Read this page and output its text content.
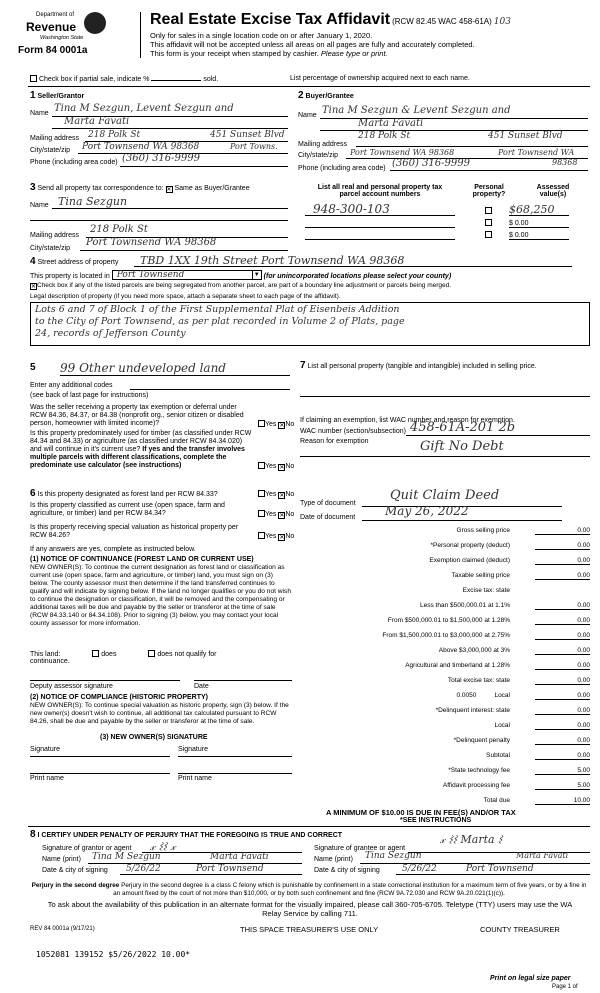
Department of
Revenue
Washington State
Form 84 0001a
Real Estate Excise Tax Affidavit (RCW 82.45 WAC 458-61A) 103
Only for sales in a single location code on or after January 1, 2020.
This affidavit will not be accepted unless all areas on all pages are fully and accurately completed.
This form is your receipt when stamped by cashier. Please type or print.
Check box if partial sale, indicate %	sold.	List percentage of ownership acquired next to each name.
1 Seller/Grantor
Name Tina M Sezgun, Levent Sezgun and
Marta Favati
Mailing address 218 Polk St	451 Sunset Blvd
City/state/zip Port Townsend WA 98368	Port Towns.
Phone (including area code) (360) 316-9999
2 Buyer/Grantee
Name Tina M Sezgun & Levent Sezgun and
Marta Favati
Mailing address
218 Polk St	451 Sunset Blvd
City/state/zip Port Townsend WA 98368	Port Townsend WA
Phone (including area code) (360) 316-9999	98368
3 Send all property tax correspondence to: ✕ Same as Buyer/Grantee
Name Tina Sezgun
Mailing address
218 Polk St
City/state/zip
Port Townsend WA 98368
List all real and personal property tax
parcel account numbers
Personal
property?
Assessed
value(s)
948-300-103	$68,250
$ 0.00
$ 0.00
4 Street address of property	TBD 1XX 19th Street Port Townsend WA 98368
This property is located in Port Townsend	▼ (for unincorporated locations please select your county)
✕Check box if any of the listed parcels are being segregated from another parcel, are part of a boundary line adjustment or parcels being merged.
Legal description of property (if you need more space, attach a separate sheet to each page of the affidavit).
Lots 6 and 7 of Block 1 of the First Supplemental Plat of Eisenbeis Addition
to the City of Port Townsend, as per plat recorded in Volume 2 of Plats, page
24, records of Jefferson County
5 99 Other undeveloped land
Enter any additional codes
(see back of last page for instructions)
Was the seller receiving a property tax exemption or deferral under RCW 84.36, 84.37, or 84.38 (nonprofit org., senior citizen or disabled person, homeowner with limited income)?	Yes ✕No
Is this property predominately used for timber (as classified under RCW 84.34 and 84.33) or agriculture (as classified under RCW 84.34.020) and will continue in it's current use? If yes and the transfer involves multiple parcels with different classifications, complete the predominate use calculator (see instructions)	Yes ✕No
6 Is this property designated as forest land per RCW 84.33?	Yes ✕No
Is this property classified as current use (open space, farm and agriculture, or timber) land per RCW 84.34?	Yes ✕No
Is this property receiving special valuation as historical property per RCW 84.26?	Yes ✕No
If any answers are yes, complete as instructed below.
(1) NOTICE OF CONTINUANCE (FOREST LAND OR CURRENT USE)
NEW OWNER(S): To continue the current designation as forest land or classification as current use (open space, farm and agriculture, or timber) land, you must sign on (3) below. The county assessor must then determine if the land transferred continues to qualify and will indicate by signing below. If the land no longer qualifies or you do not wish to continue the designation or classification, it will be removed and the compensating or additional taxes will be due and payable by the seller or transferor at the time of sale (RCW 84.33.140 or 84.34.108). Prior to signing (3) below, you may contact your local county assessor for more information.
This land:	does	does not qualify for
continuance.
Deputy assessor signature	Date
(2) NOTICE OF COMPLIANCE (HISTORIC PROPERTY)
NEW OWNER(S): To continue special valuation as historic property, sign (3) below. If the new owner(s) doesn't wish to continue, all additional tax calculated pursuant to RCW 84.26, shall be due and payable by the seller or transferor at the time of sale.
(3) NEW OWNER(S) SIGNATURE
Signature	Signature
Print name	Print name
7 List all personal property (tangible and intangible) included in selling price.
If claiming an exemption, list WAC number and reason for exemption.
WAC number (section/subsection) 458-61A-201 2b
Reason for exemption	Gift No Debt
Type of document
Quit Claim Deed
Date of document May 26, 2022
Gross selling price	0.00
*Personal property (deduct)	0.00
Exemption claimed (deduct)	0.00
Taxable selling price	0.00
Excise tax: state
Less than $500,000.01 at 1.1%	0.00
From $500,000.01 to $1,500,000 at 1.28%	0.00
From $1,500,000.01 to $3,000,000 at 2.75%	0.00
Above $3,000,000 at 3%	0.00
Agricultural and timberland at 1.28%	0.00
Total excise tax: state	0.00
0.0050          Local	0.00
*Delinquent interest: state	0.00
Local	0.00
*Delinquent penalty	0.00
Subtotal	0.00
*State technology fee	5.00
Affidavit processing fee	5.00
Total due	10.00
A MINIMUM OF $10.00 IS DUE IN FEE(S) AND/OR TAX
*SEE INSTRUCTIONS
8 I CERTIFY UNDER PENALTY OF PERJURY THAT THE FOREGOING IS TRUE AND CORRECT
Signature of grantor or agent 𝓍 ⌇⌇ 𝓍
Name (print) Tina M Sezgun	Marta Favati
Date & city of signing 5/26/22	Port Townsend
Signature of grantee or agent
𝓍 ⌇⌇ Marta ⌇
Name (print) Tina Sezgun	Marta Favati
Date & city of signing 5/26/22	Port Townsend
Perjury in the second degree Perjury in the second degree is a class C felony which is punishable by confinement in a state correctional institution for a maximum term of five years, or by a fine in an amount fixed by the court of not more than $10,000, or by both such confinement and fine (RCW 9A.72.030 and RCW 9A.20.021(1)(c)).
To ask about the availability of this publication in an alternate format for the visually impaired, please call 360-705-6705. Teletype (TTY) users may use the WA Relay Service by calling 711.
REV 84 0001a (9/17/21)	THIS SPACE TREASURER'S USE ONLY	COUNTY TREASURER
1052081 139152 $5/26/2022 10.00*
Print on legal size paper
Page 1 of
